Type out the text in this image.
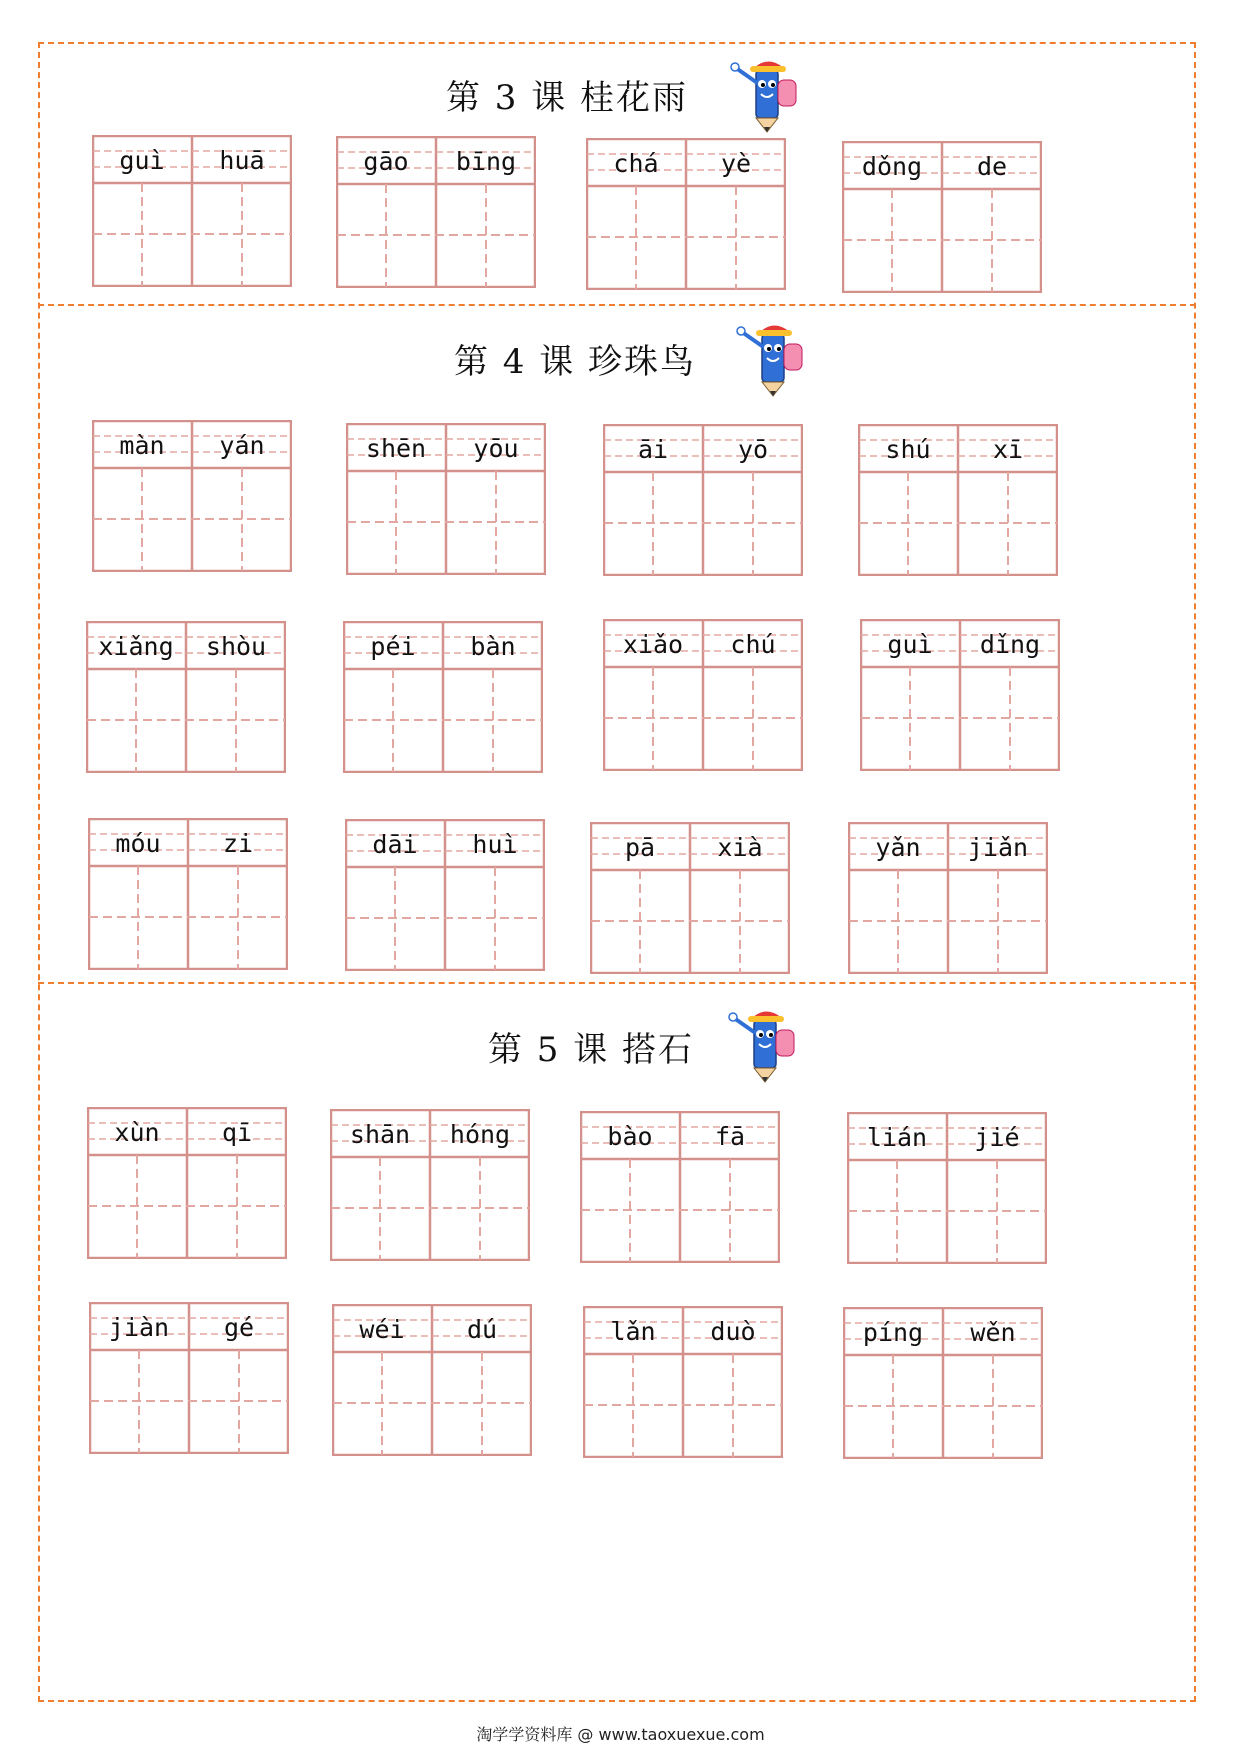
第 3 课 桂花雨
第 4 课 珍珠鸟
第 5 课 搭石
guì	huā	gāo	bīng	chá	yè	dǒng	de
màn	yán	shēn	yōu	āi	yō	shú	xī
xiǎng	shòu	péi	bàn	xiǎo	chú	guì	dǐng
móu	zi	dāi	huì	pā	xià	yǎn	jiǎn
xùn	qī	shān	hóng	bào	fā	lián	jié
jiàn	gé	wéi	dú	lǎn	duò	píng	wěn
淘学学资料库 @ www.taoxuexue.com
